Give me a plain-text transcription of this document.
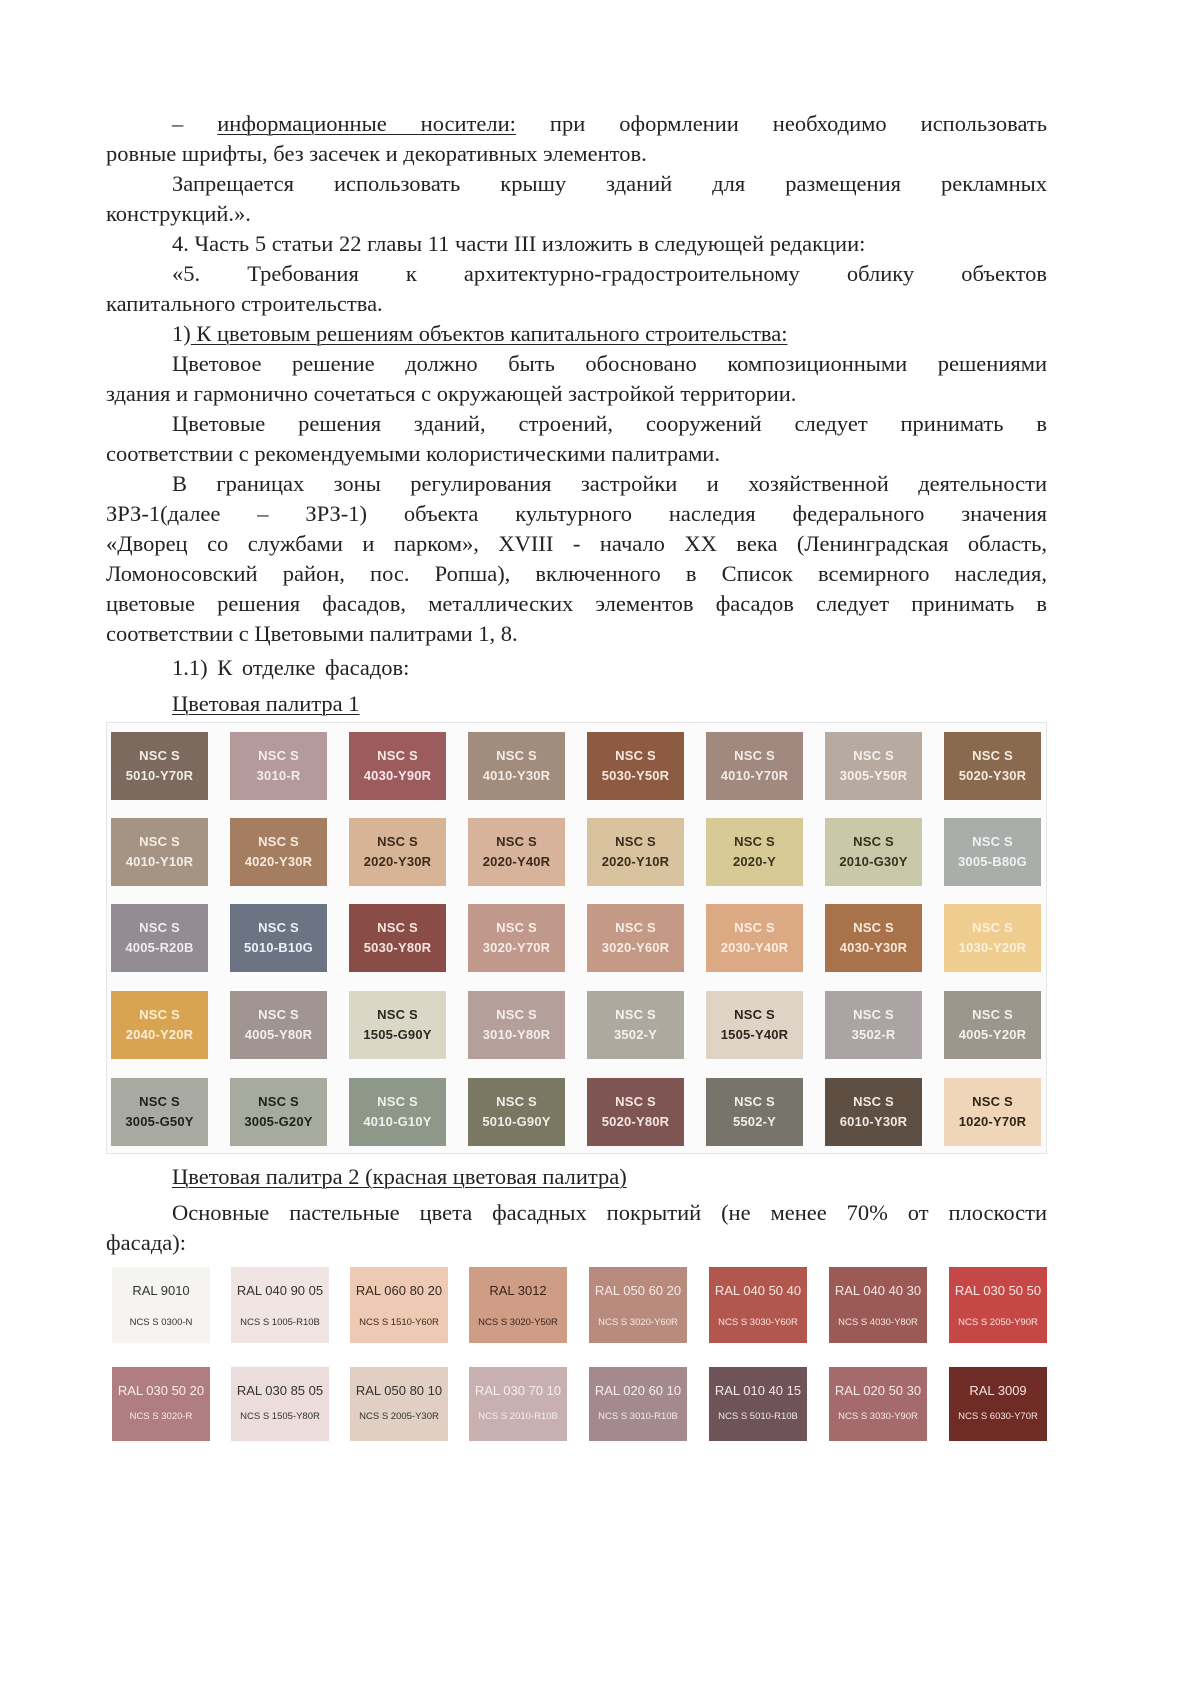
– информационные носители: при оформлении необходимо использовать
ровные шрифты, без засечек и декоративных элементов.
Запрещается использовать крышу зданий для размещения рекламных
конструкций.».
4. Часть 5 статьи 22 главы 11 части III изложить в следующей редакции:
«5. Требования к архитектурно-градостроительному облику объектов
капитального строительства.
1) К цветовым решениям объектов капитального строительства:
Цветовое решение должно быть обосновано композиционными решениями
здания и гармонично сочетаться с окружающей застройкой территории.
Цветовые решения зданий, строений, сооружений следует принимать в
соответствии с рекомендуемыми колористическими палитрами.
В границах зоны регулирования застройки и хозяйственной деятельности
ЗРЗ-1(далее – ЗРЗ-1) объекта культурного наследия федерального значения
«Дворец со службами и парком», XVIII - начало XX века (Ленинградская область,
Ломоносовский район, пос. Ропша), включенного в Список всемирного наследия,
цветовые решения фасадов, металлических элементов фасадов следует принимать в
соответствии с Цветовыми палитрами 1, 8.
1.1) К отделке фасадов:
Цветовая палитра 1
NSC S
5010-Y70R
NSC S
3010-R
NSC S
4030-Y90R
NSC S
4010-Y30R
NSC S
5030-Y50R
NSC S
4010-Y70R
NSC S
3005-Y50R
NSC S
5020-Y30R
NSC S
4010-Y10R
NSC S
4020-Y30R
NSC S
2020-Y30R
NSC S
2020-Y40R
NSC S
2020-Y10R
NSC S
2020-Y
NSC S
2010-G30Y
NSC S
3005-B80G
NSC S
4005-R20B
NSC S
5010-B10G
NSC S
5030-Y80R
NSC S
3020-Y70R
NSC S
3020-Y60R
NSC S
2030-Y40R
NSC S
4030-Y30R
NSC S
1030-Y20R
NSC S
2040-Y20R
NSC S
4005-Y80R
NSC S
1505-G90Y
NSC S
3010-Y80R
NSC S
3502-Y
NSC S
1505-Y40R
NSC S
3502-R
NSC S
4005-Y20R
NSC S
3005-G50Y
NSC S
3005-G20Y
NSC S
4010-G10Y
NSC S
5010-G90Y
NSC S
5020-Y80R
NSC S
5502-Y
NSC S
6010-Y30R
NSC S
1020-Y70R
Цветовая палитра 2 (красная цветовая палитра)
Основные пастельные цвета фасадных покрытий (не менее 70% от плоскости
фасада):
RAL 9010
NCS S 0300-N
RAL 040 90 05
NCS S 1005-R10B
RAL 060 80 20
NCS S 1510-Y60R
RAL 3012
NCS S 3020-Y50R
RAL 050 60 20
NCS S 3020-Y60R
RAL 040 50 40
NCS S 3030-Y60R
RAL 040 40 30
NCS S 4030-Y80R
RAL 030 50 50
NCS S 2050-Y90R
RAL 030 50 20
NCS S 3020-R
RAL 030 85 05
NCS S 1505-Y80R
RAL 050 80 10
NCS S 2005-Y30R
RAL 030 70 10
NCS S 2010-R10B
RAL 020 60 10
NCS S 3010-R10B
RAL 010 40 15
NCS S 5010-R10B
RAL 020 50 30
NCS S 3030-Y90R
RAL 3009
NCS S 6030-Y70R
